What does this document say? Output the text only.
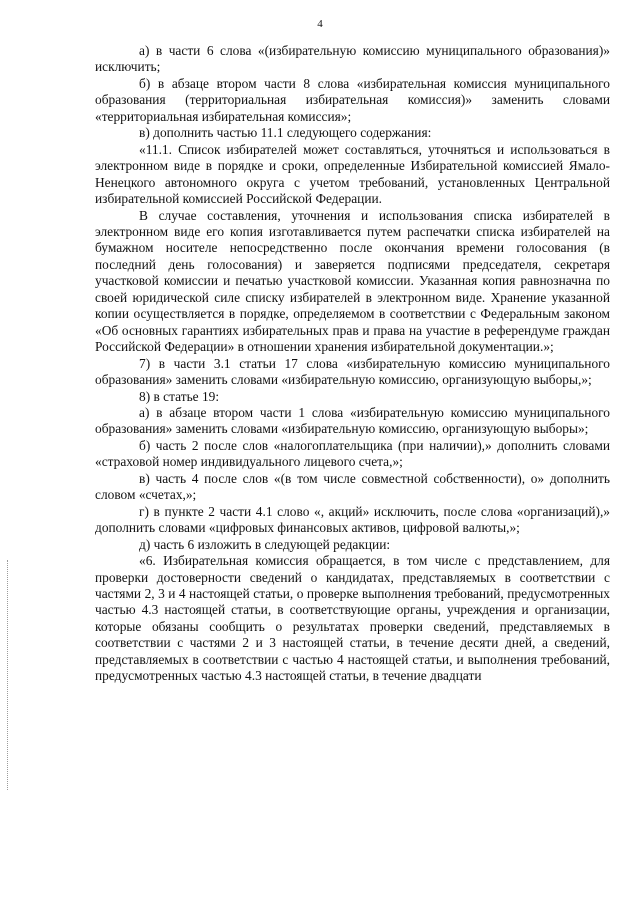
4

а) в части 6 слова «(избирательную комиссию муниципального образования)» исключить;

б) в абзаце втором части 8 слова «избирательная комиссия муниципального образования (территориальная избирательная комиссия)» заменить словами «территориальная избирательная комиссия»;

в) дополнить частью 11.1 следующего содержания:

«11.1. Список избирателей может составляться, уточняться и использоваться в электронном виде в порядке и сроки, определенные Избирательной комиссией Ямало-Ненецкого автономного округа с учетом требований, установленных Центральной избирательной комиссией Российской Федерации.

В случае составления, уточнения и использования списка избирателей в электронном виде его копия изготавливается путем распечатки списка избирателей на бумажном носителе непосредственно после окончания времени голосования (в последний день голосования) и заверяется подписями председателя, секретаря участковой комиссии и печатью участковой комиссии. Указанная копия равнозначна по своей юридической силе списку избирателей в электронном виде. Хранение указанной копии осуществляется в порядке, определяемом в соответствии с Федеральным законом «Об основных гарантиях избирательных прав и права на участие в референдуме граждан Российской Федерации» в отношении хранения избирательной документации.»;

7) в части 3.1 статьи 17 слова «избирательную комиссию муниципального образования» заменить словами «избирательную комиссию, организующую выборы,»;

8) в статье 19:

а) в абзаце втором части 1 слова «избирательную комиссию муниципального образования» заменить словами «избирательную комиссию, организующую выборы»;

б) часть 2 после слов «налогоплательщика (при наличии),» дополнить словами «страховой номер индивидуального лицевого счета,»;

в) часть 4 после слов «(в том числе совместной собственности), о» дополнить словом «счетах,»;

г) в пункте 2 части 4.1 слово «, акций» исключить, после слова «организаций),» дополнить словами «цифровых финансовых активов, цифровой валюты,»;

д) часть 6 изложить в следующей редакции:

«6. Избирательная комиссия обращается, в том числе с представлением, для проверки достоверности сведений о кандидатах, представляемых в соответствии с частями 2, 3 и 4 настоящей статьи, о проверке выполнения требований, предусмотренных частью 4.3 настоящей статьи, в соответствующие органы, учреждения и организации, которые обязаны сообщить о результатах проверки сведений, представляемых в соответствии с частями 2 и 3 настоящей статьи, в течение десяти дней, а сведений, представляемых в соответствии с частью 4 настоящей статьи, и выполнения требований, предусмотренных частью 4.3 настоящей статьи, в течение двадцати
